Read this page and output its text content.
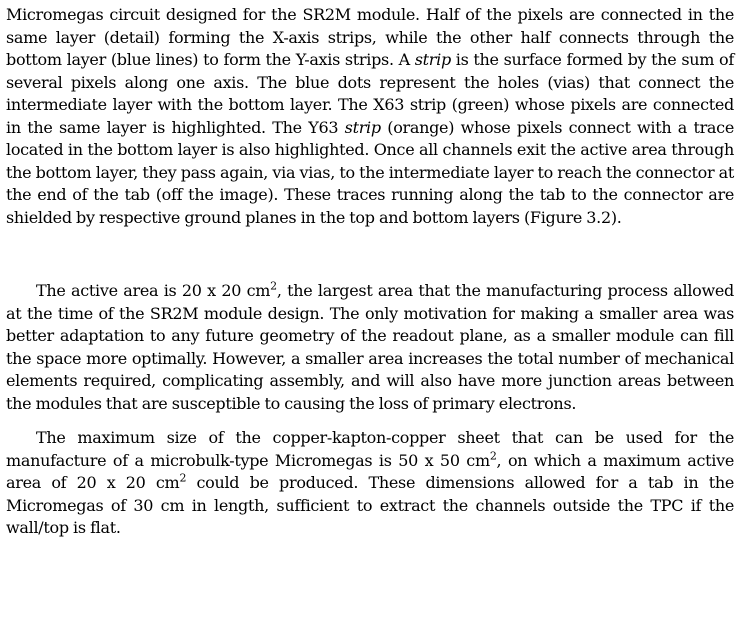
Micromegas circuit designed for the SR2M module. Half of the pixels are connected in the same layer (detail) forming the X-axis strips, while the other half connects through the bottom layer (blue lines) to form the Y-axis strips. A strip is the surface formed by the sum of several pixels along one axis. The blue dots represent the holes (vias) that connect the intermediate layer with the bottom layer. The X63 strip (green) whose pixels are connected in the same layer is highlighted. The Y63 strip (orange) whose pixels connect with a trace located in the bottom layer is also highlighted. Once all channels exit the active area through the bottom layer, they pass again, via vias, to the intermediate layer to reach the connector at the end of the tab (off the image). These traces running along the tab to the connector are shielded by respective ground planes in the top and bottom layers (Figure 3.2).

The active area is 20 x 20 $cm^2$, the largest area that the manufacturing process allowed at the time of the SR2M module design. The only motivation for making a smaller area was better adaptation to any future geometry of the readout plane, as a smaller module can fill the space more optimally. However, a smaller area increases the total number of mechanical elements required, complicating assembly, and will also have more junction areas between the modules that are susceptible to causing the loss of primary electrons.

The maximum size of the copper-kapton-copper sheet that can be used for the manufacture of a microbulk-type Micromegas is 50 x 50 $cm^2$, on which a maximum active area of 20 x 20 $cm^2$ could be produced. These dimensions allowed for a tab in the Micromegas of 30 cm in length, sufficient to extract the channels outside the TPC if the wall/top is flat.
